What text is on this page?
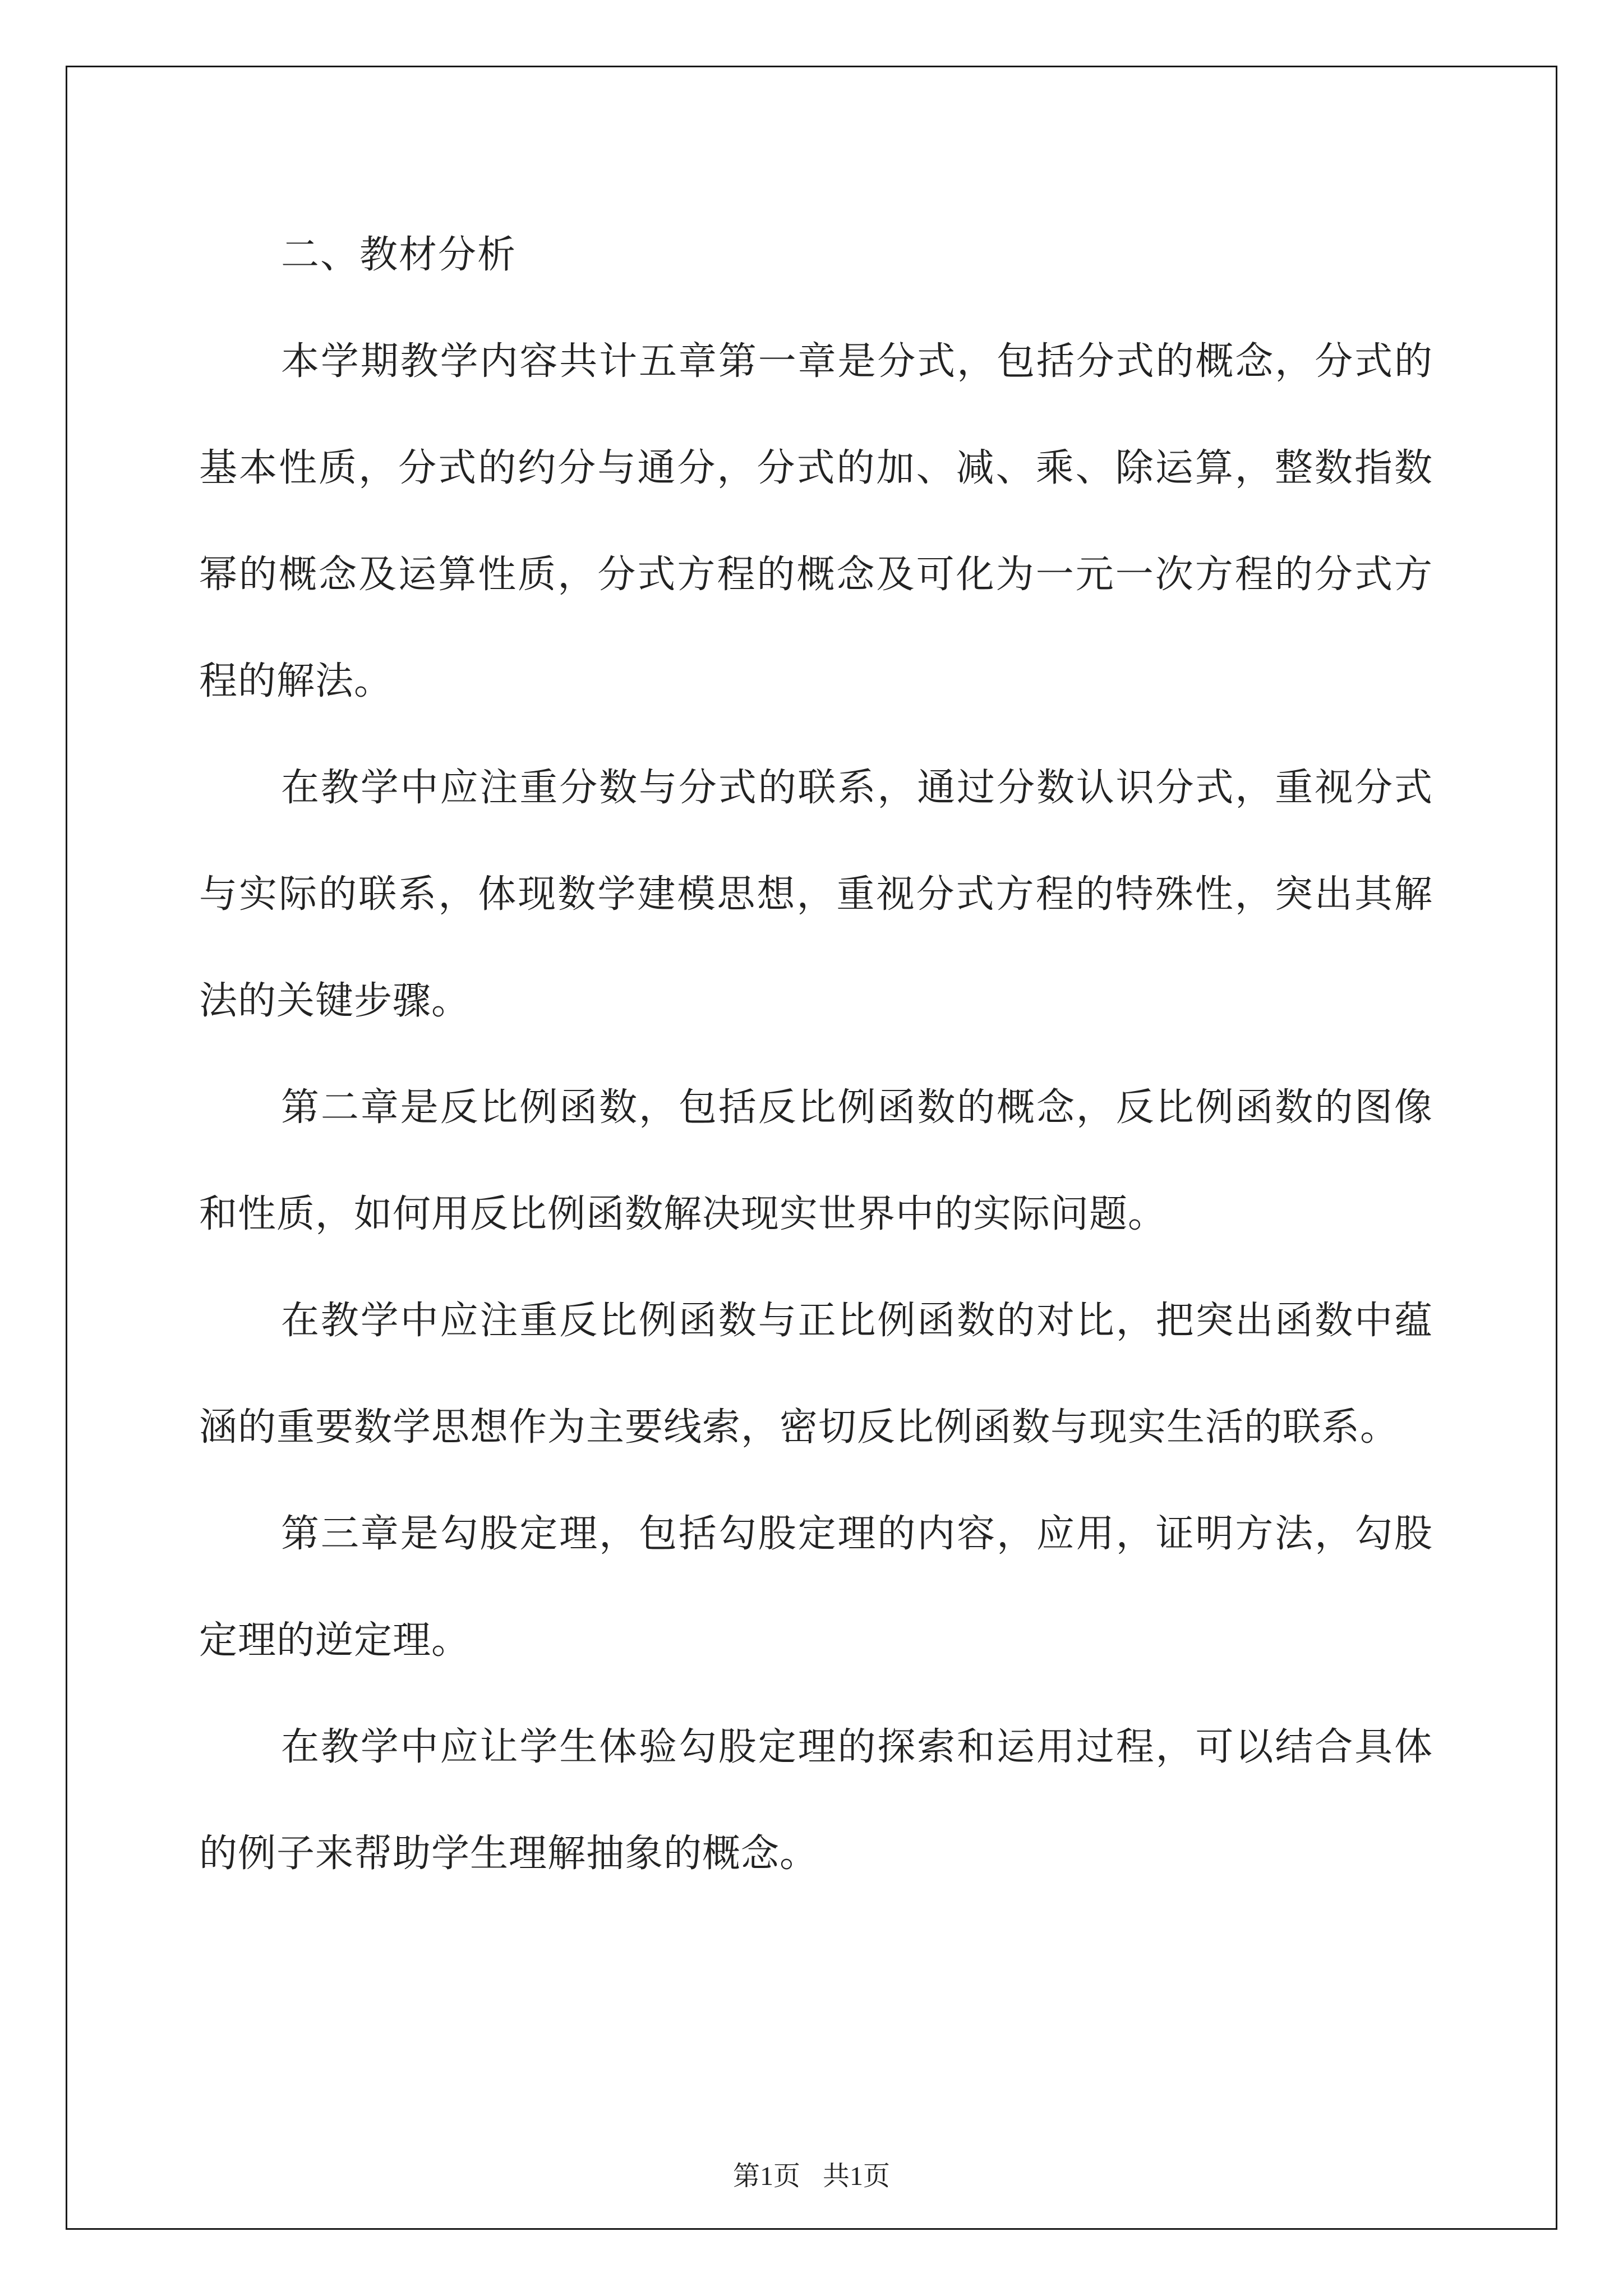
二、教材分析

本学期教学内容共计五章第一章是分式，包括分式的概念，分式的基本性质，分式的约分与通分，分式的加、减、乘、除运算，整数指数幂的概念及运算性质，分式方程的概念及可化为一元一次方程的分式方程的解法。

在教学中应注重分数与分式的联系，通过分数认识分式，重视分式与实际的联系，体现数学建模思想，重视分式方程的特殊性，突出其解法的关键步骤。

第二章是反比例函数，包括反比例函数的概念，反比例函数的图像和性质，如何用反比例函数解决现实世界中的实际问题。

在教学中应注重反比例函数与正比例函数的对比，把突出函数中蕴涵的重要数学思想作为主要线索，密切反比例函数与现实生活的联系。

第三章是勾股定理，包括勾股定理的内容，应用，证明方法，勾股定理的逆定理。

在教学中应让学生体验勾股定理的探索和运用过程，可以结合具体的例子来帮助学生理解抽象的概念。

第1页 共1页
